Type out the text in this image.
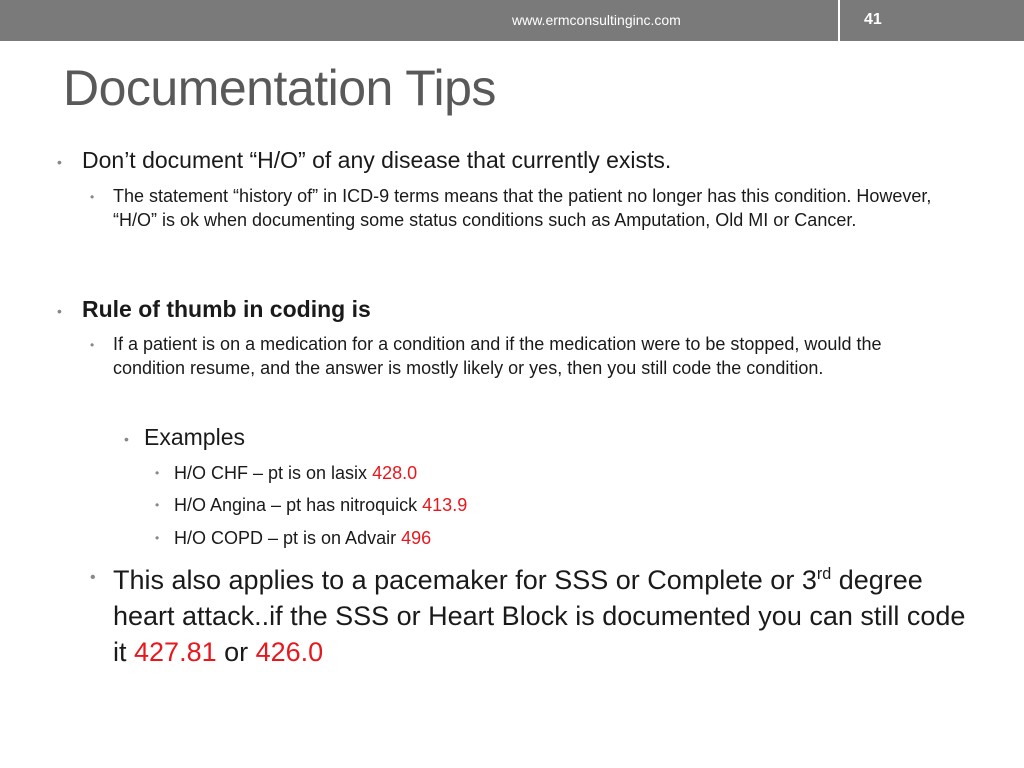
www.ermconsultinginc.com	41
Documentation Tips
• Don’t document “H/O” of any disease that currently exists.
• The statement “history of” in ICD-9 terms means that the patient no longer has this condition. However, “H/O” is ok when documenting some status conditions such as Amputation, Old MI or Cancer.
• Rule of thumb in coding is
• If a patient is on a medication for a condition and if the medication were to be stopped, would the condition resume, and the answer is mostly likely or yes, then you still code the condition.
• Examples
• H/O CHF – pt is on lasix 428.0
• H/O Angina – pt has nitroquick 413.9
• H/O COPD – pt is on Advair 496
• This also applies to a pacemaker for SSS or Complete or 3rd degree heart attack..if the SSS or Heart Block is documented you can still code it 427.81 or 426.0
